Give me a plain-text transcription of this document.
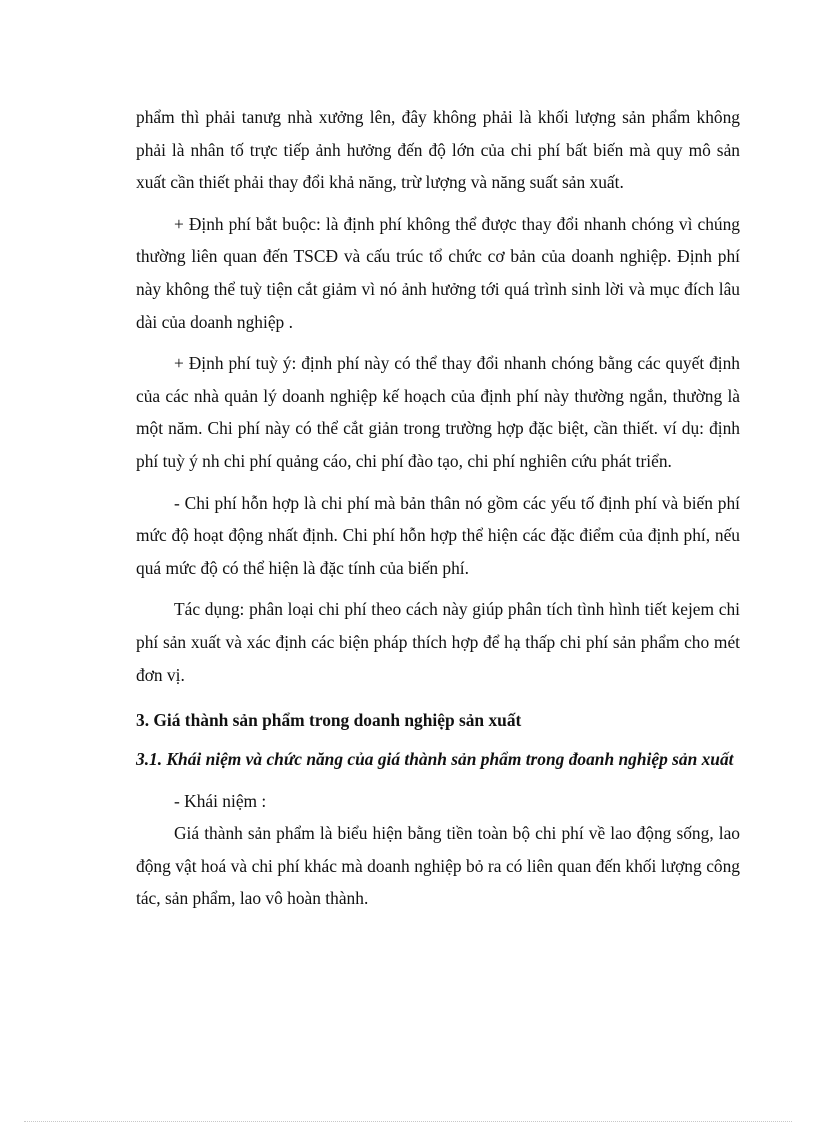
phẩm thì phải tanưg nhà xưởng lên, đây không phải là khối lượng sản phẩm không phải là nhân tố trực tiếp ảnh hưởng đến độ lớn của chi phí bất biến mà quy mô sản xuất cần thiết phải thay đổi khả năng, trừ lượng và năng suất sản xuất.

+ Định phí bắt buộc: là định phí không thể được thay đổi nhanh chóng vì chúng thường liên quan đến TSCĐ và cấu trúc tổ chức cơ bản của doanh nghiệp. Định phí này không thể tuỳ tiện cắt giảm vì nó ảnh hưởng tới quá trình sinh lời và mục đích lâu dài của doanh nghiệp .

+ Định phí tuỳ ý: định phí này có thể thay đổi nhanh chóng bằng các quyết định của các nhà quản lý doanh nghiệp kế hoạch của định phí này thường ngắn, thường là một năm. Chi phí này có thể cắt giản trong trường hợp đặc biệt, cần thiết. ví dụ: định phí tuỳ ý nh chi phí quảng cáo, chi phí đào tạo, chi phí nghiên cứu phát triển.

- Chi phí hỗn hợp là chi phí mà bản thân nó gồm các yếu tố định phí và biến phí mức độ hoạt động nhất định. Chi phí hỗn hợp thể hiện các đặc điểm của định phí, nếu quá mức độ có thể hiện là đặc tính của biến phí.

Tác dụng: phân loại chi phí theo cách này giúp phân tích tình hình tiết kejem chi phí sản xuất và xác định các biện pháp thích hợp để hạ thấp chi phí sản phẩm cho mét đơn vị.

3. Giá thành sản phẩm trong doanh nghiệp sản xuất

3.1. Khái niệm và chức năng của giá thành sản phẩm trong đoanh nghiệp sản xuất

- Khái niệm :

Giá thành sản phẩm là biểu hiện bằng tiền toàn bộ chi phí về lao động sống, lao động vật hoá và chi phí khác mà doanh nghiệp bỏ ra có liên quan đến khối lượng công tác, sản phẩm, lao vô hoàn thành.
